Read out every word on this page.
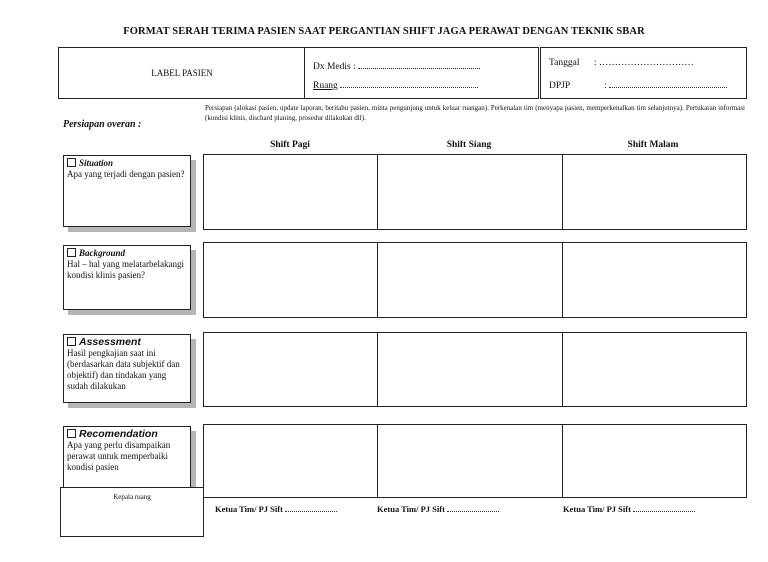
FORMAT SERAH TERIMA PASIEN SAAT PERGANTIAN SHIFT JAGA PERAWAT DENGAN TEKNIK SBAR
LABEL PASIEN
Dx Medis :
Ruang
Tanggal : …………………………
DPJP	:
Persiapan overan :
Persiapan (alokasi pasien, update laporan, beritahu pasien, minta pengunjung untuk keluar ruangan). Perkenalan tim (menyapa pasien, memperkenalkan tim selanjutnya). Pertukaran informasi (kondisi klinis, dischard planing, prosedur dilakukan dll).
Shift Pagi	Shift Siang	Shift Malam
Situation
Apa yang terjadi dengan pasien?
Background
Hal – hal yang melatarbelakangi kondisi klinis pasien?
Assessment
Hasil pengkajian saat ini (berdasarkan data subjektif dan objektif) dan tindakan yang sudah dilakukan
Recomendation
Apa yang perlu disampaikan perawat untuk memperbaiki kondisi pasien
Kepala ruang
Ketua Tim/ PJ Sift	Ketua Tim/ PJ Sift	Ketua Tim/ PJ Sift
